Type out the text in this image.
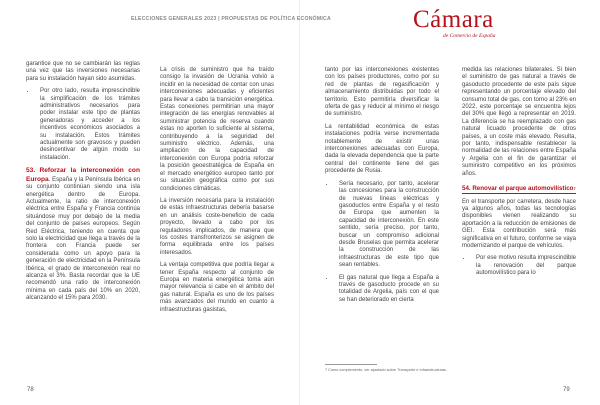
ELECCIONES GENERALES 2023 | PROPUESTAS DE POLÍTICA ECONÓMICA	Cámara
de Comercio de España

garantice que no se cambiarán las reglas una vez que las inversiones necesarias para su instalación hayan sido asumidas.

• Por otro lado, resulta imprescindible la simplificación de los trámites administrativos necesarios para poder instalar este tipo de plantas generadoras y acceder a los incentivos económicos asociados a su instalación. Estos trámites actualmente son gravosos y pueden desincentivar de algún modo su instalación.

53. Reforzar la interconexión con Europa. España y la Península Ibérica en su conjunto continúan siendo una isla energética dentro de Europa. Actualmente, la ratio de interconexión eléctrica entre España y Francia continúa situándose muy por debajo de la media del conjunto de países europeos. Según Red Eléctrica, teniendo en cuenta que solo la electricidad que llega a través de la frontera con Francia puede ser considerada como un apoyo para la generación de electricidad en la Península Ibérica, el grado de interconexión real no alcanza el 3%. Basta recordar que la UE recomendó una ratio de interconexión mínima en cada país del 10% en 2020, alcanzando el 15% para 2030.

La crisis de suministro que ha traído consigo la invasión de Ucrania volvió a incidir en la necesidad de contar con unas interconexiones adecuadas y eficientes para llevar a cabo la transición energética. Estas conexiones permitirían una mayor integración de las energías renovables al suministrar potencia de reserva cuando éstas no aporten lo suficiente al sistema, contribuyendo a la seguridad del suministro eléctrico. Además, una ampliación de la capacidad de interconexión con Europa podría reforzar la posición geoestratégica de España en el mercado energético europeo tanto por su situación geográfica como por sus condiciones climáticas.

La inversión necesaria para la instalación de estas infraestructuras debería basarse en un análisis coste-beneficio de cada proyecto, llevado a cabo por los reguladores implicados, de manera que los costes transfronterizos se asignen de forma equilibrada entre los países interesados.

La ventaja competitiva que podría llegar a tener España respecto al conjunto de Europa en materia energética toma aún mayor relevancia si cabe en el ámbito del gas natural. España es uno de los países más avanzados del mundo en cuanto a infraestructuras gasistas,

tanto por las interconexiones existentes con los países productores, como por su red de plantas de regasificación y almacenamiento distribuidas por todo el territorio. Esto permitiría diversificar la oferta de gas y reducir al mínimo el riesgo de suministro.

La rentabilidad económica de estas instalaciones podría verse incrementada notablemente de existir unas interconexiones adecuadas con Europa, dada la elevada dependencia que la parte central del continente tiene del gas procedente de Rusia.

• Sería necesario, por tanto, acelerar las concesiones para la construcción de nuevas líneas eléctricas y gasoductos entre España y el resto de Europa que aumenten la capacidad de interconexión. En este sentido, sería preciso, por tanto, buscar un compromiso adicional desde Bruselas que permita acelerar la construcción de las infraestructuras de este tipo que sean rentables.
• El gas natural que llega a España a través de gasoducto procede en su totalidad de Argelia, país con el que se han deteriorado en cierta
7 Como complemento, ver apartado sobre Transporte e Infraestructuras.

medida las relaciones bilaterales. Si bien el suministro de gas natural a través de gasoducto procedente de este país sigue representando un porcentaje elevado del consumo total de gas, con torno al 23% en 2022, este porcentaje se encuentra lejos del 30% que llegó a representar en 2019. La diferencia se ha reemplazado con gas natural licuado procedente de otros países, a un coste más elevado. Resulta, por tanto, indispensable restablecer la normalidad de las relaciones entre España y Argelia con el fin de garantizar el suministro competitivo en los próximos años.

54. Renovar el parque automovilístico$^7$

En el transporte por carretera, desde hace ya algunos años, todas las tecnologías disponibles vienen realizando su aportación a la reducción de emisiones de GEI. Esta contribución será más significativa en el futuro, conforme se vaya modernizando el parque de vehículos.

• Por ese motivo resulta imprescindible la renovación del parque automovilístico para lo
78	79
